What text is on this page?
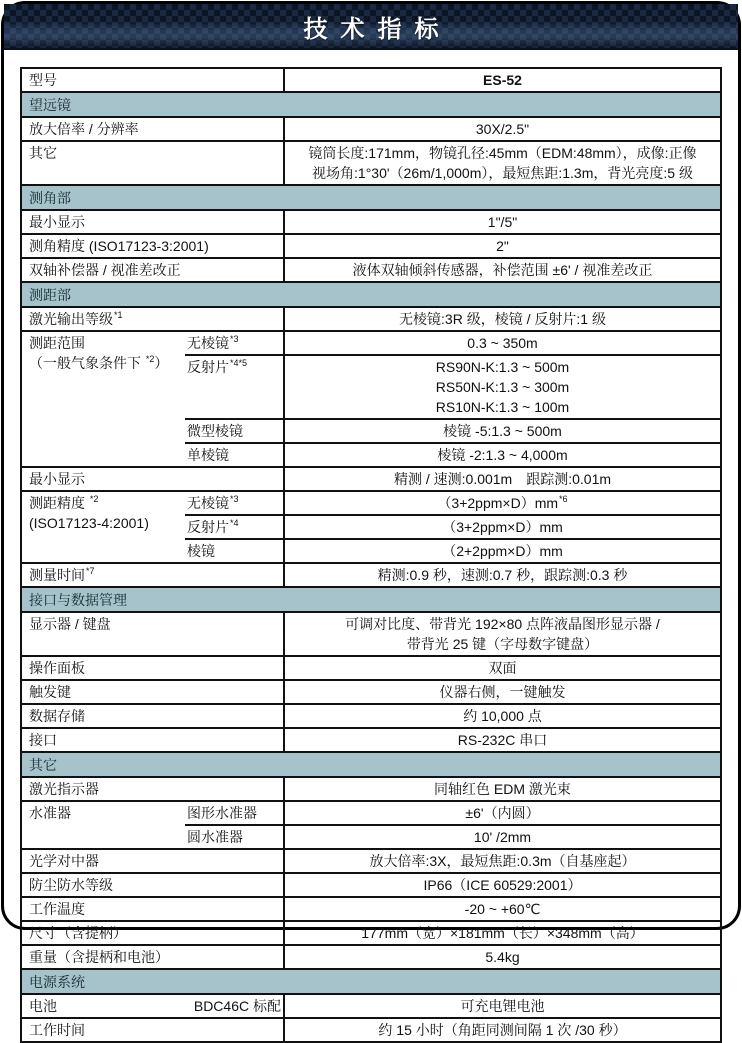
技术指标
型号	ES-52
望远镜
放大倍率 / 分辨率	30X/2.5"
其它	镜筒长度:171mm，物镜孔径:45mm（EDM:48mm），成像:正像
视场角:1°30'（26m/1,000m），最短焦距:1.3m，背光亮度:5 级
测角部
最小显示	1"/5"
测角精度 (ISO17123-3:2001)	2"
双轴补偿器 / 视准差改正	液体双轴倾斜传感器，补偿范围 ±6' / 视准差改正
测距部
激光输出等级$^{*1}$	无棱镜:3R 级，棱镜 / 反射片:1 级
测距范围
（一般气象条件下 $^{*2}$）
无棱镜$^{*3}$	0.3 ~ 350m
反射片$^{*4*5}$	RS90N-K:1.3 ~ 500m
RS50N-K:1.3 ~ 300m
RS10N-K:1.3 ~ 100m
微型棱镜	棱镜 -5:1.3 ~ 500m
单棱镜	棱镜 -2:1.3 ~ 4,000m
最小显示	精测 / 速测:0.001m　跟踪测:0.01m
测距精度 $^{*2}$
(ISO17123-4:2001)
无棱镜$^{*3}$	$(3+2ppm\times D)mm^{*6}$
反射片$^{*4}$	（3+2ppm×D）mm
棱镜	（2+2ppm×D）mm
测量时间$^{*7}$	精测:0.9 秒，速测:0.7 秒，跟踪测:0.3 秒
接口与数据管理
显示器 / 键盘	可调对比度、带背光 192×80 点阵液晶图形显示器 /
带背光 25 键（字母数字键盘）
操作面板	双面
触发键	仪器右侧，一键触发
数据存储	约 10,000 点
接口	RS-232C 串口
其它
激光指示器	同轴红色 EDM 激光束
水准器	图形水准器	±6'（内圆）
圆水准器	10' /2mm
光学对中器	放大倍率:3X，最短焦距:0.3m（自基座起）
防尘防水等级	IP66（ICE 60529:2001）
工作温度	-20 ~ +60℃
尺寸（含提柄）	177mm（宽）×181mm（长）×348mm（高）
重量（含提柄和电池）	5.4kg
电源系统
电池	BDC46C 标配	可充电锂电池
工作时间	约 15 小时（角距同测间隔 1 次 /30 秒）
